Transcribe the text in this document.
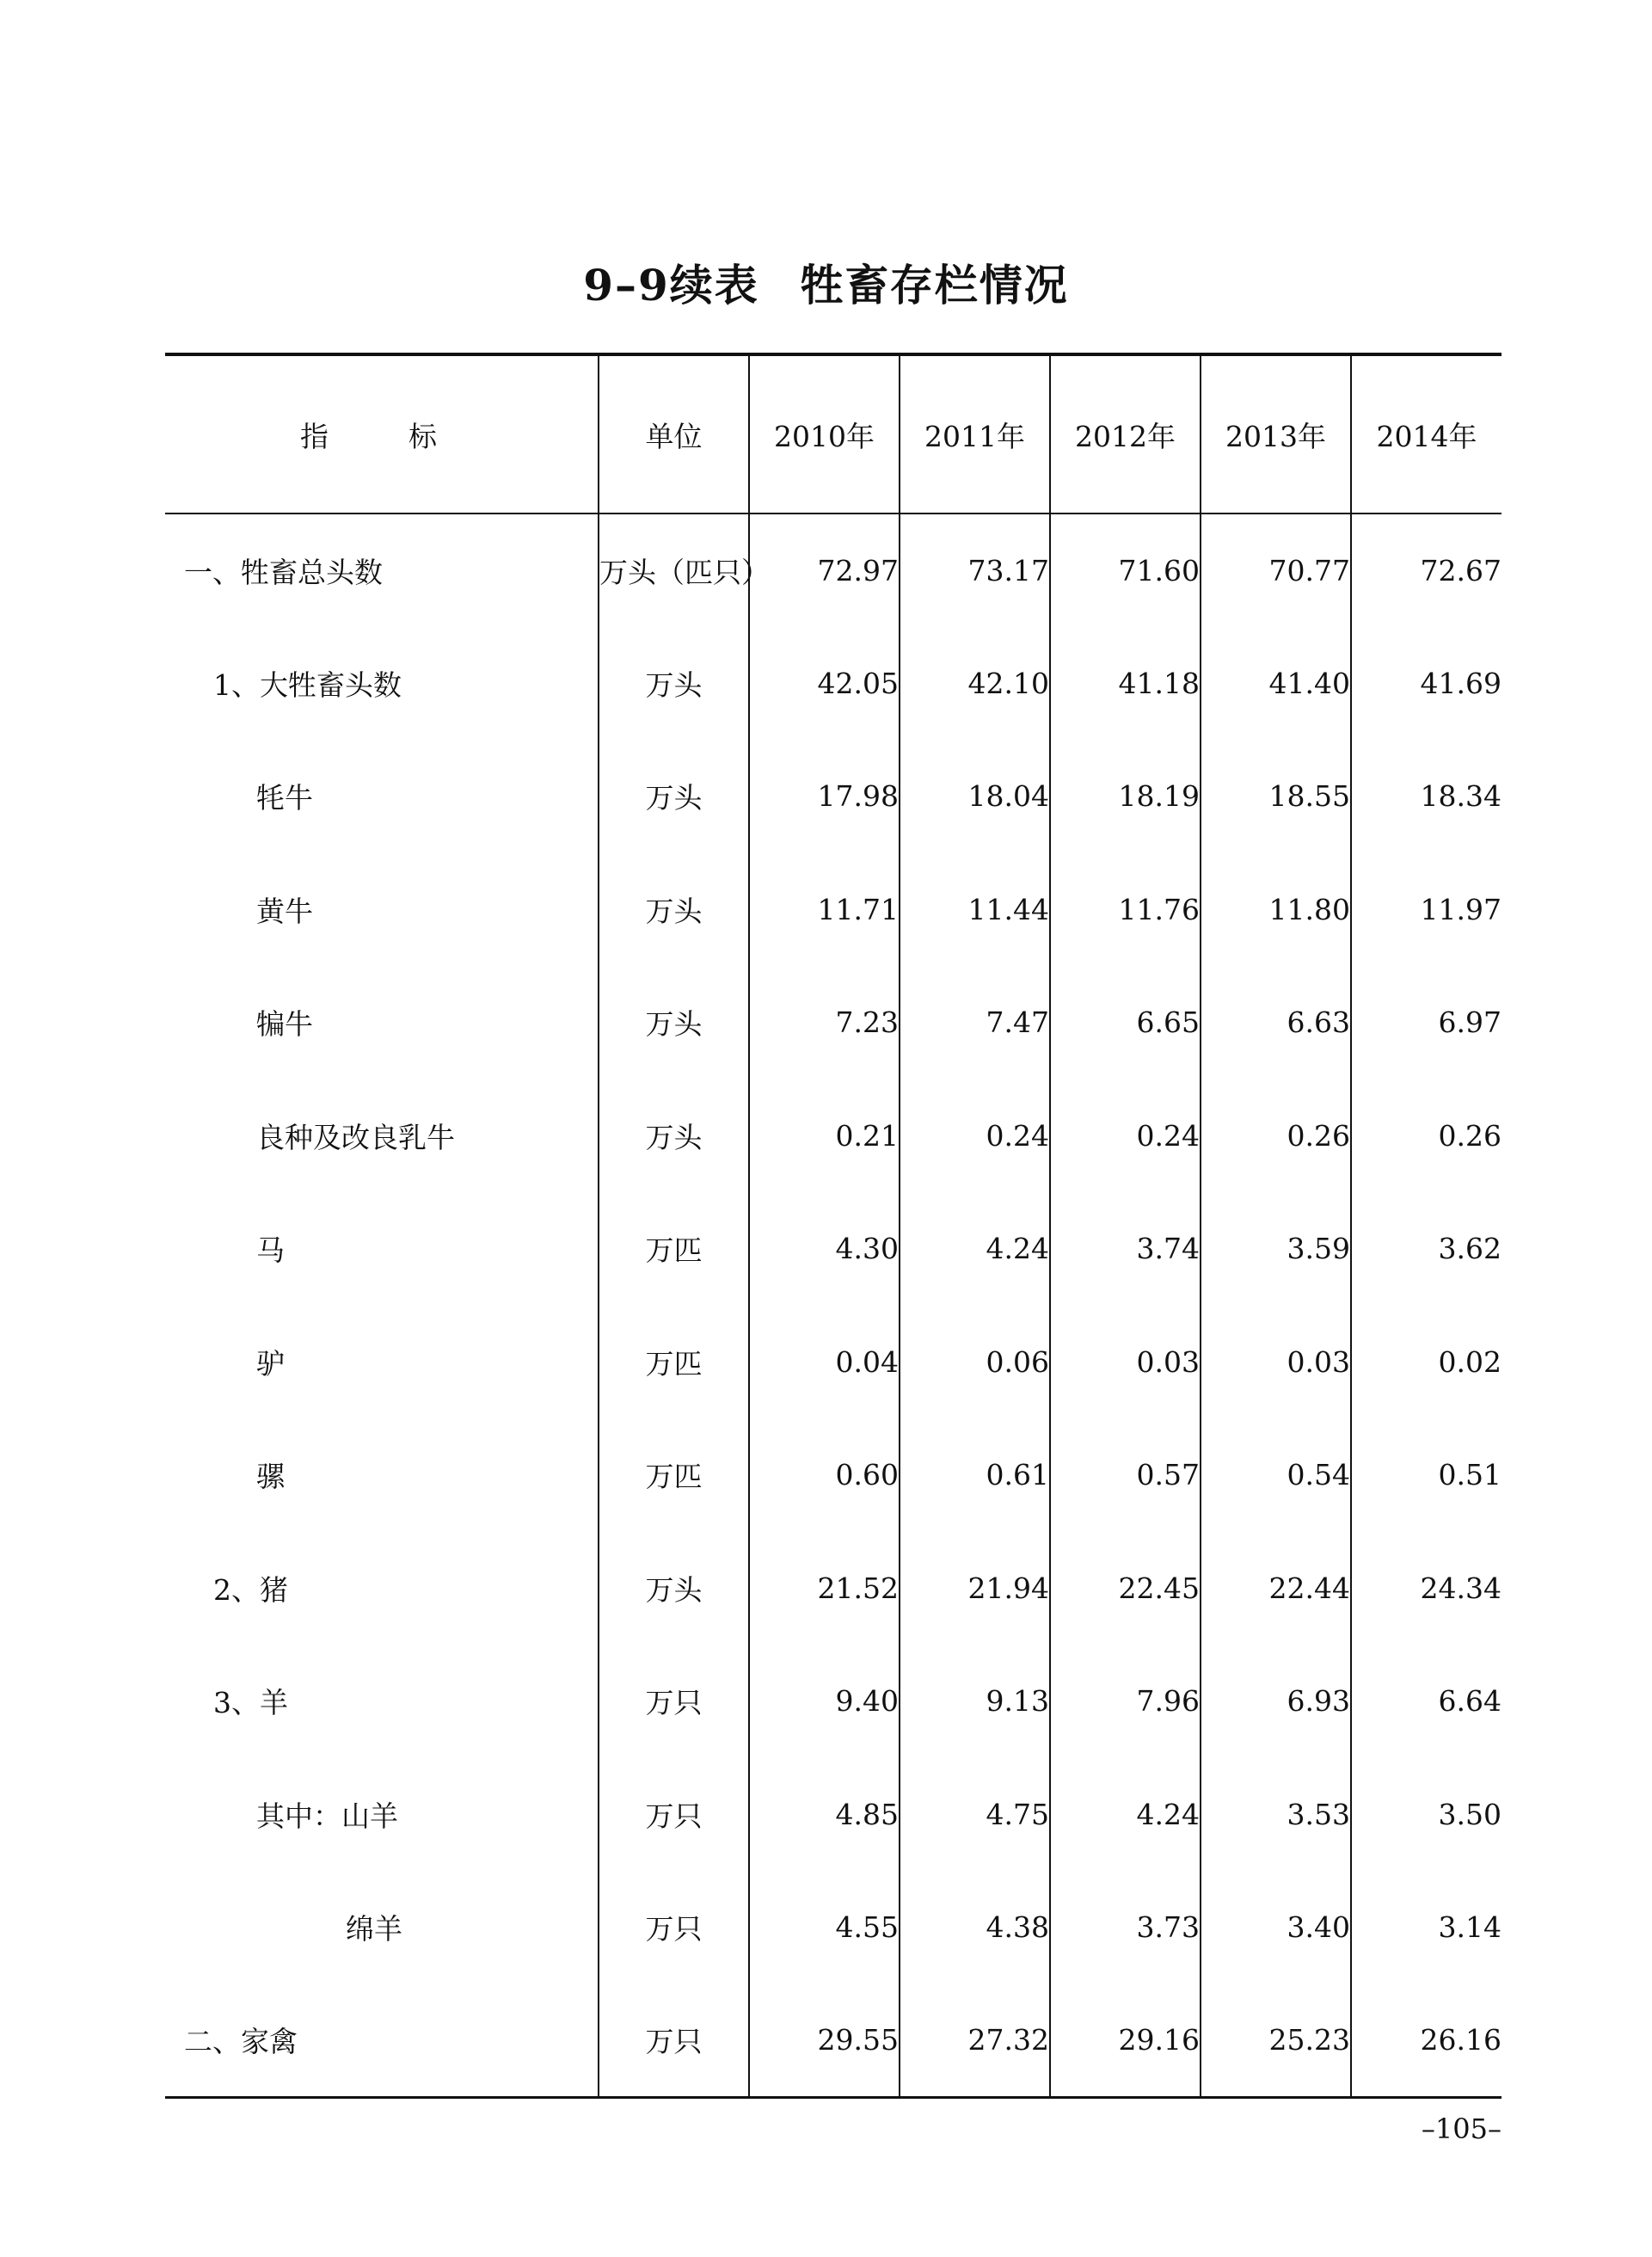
9–9续表 牲畜存栏情况
指　标	单位	2010年	2011年	2012年	2013年	2014年
一、牲畜总头数	万头（匹只）	72.97	73.17	71.60	70.77	72.67
1、大牲畜头数	万头	42.05	42.10	41.18	41.40	41.69
牦牛	万头	17.98	18.04	18.19	18.55	18.34
黄牛	万头	11.71	11.44	11.76	11.80	11.97
犏牛	万头	7.23	7.47	6.65	6.63	6.97
良种及改良乳牛	万头	0.21	0.24	0.24	0.26	0.26
马	万匹	4.30	4.24	3.74	3.59	3.62
驴	万匹	0.04	0.06	0.03	0.03	0.02
骡	万匹	0.60	0.61	0.57	0.54	0.51
2、猪	万头	21.52	21.94	22.45	22.44	24.34
3、羊	万只	9.40	9.13	7.96	6.93	6.64
其中：山羊	万只	4.85	4.75	4.24	3.53	3.50
绵羊	万只	4.55	4.38	3.73	3.40	3.14
二、家禽	万只	29.55	27.32	29.16	25.23	26.16
–105–
